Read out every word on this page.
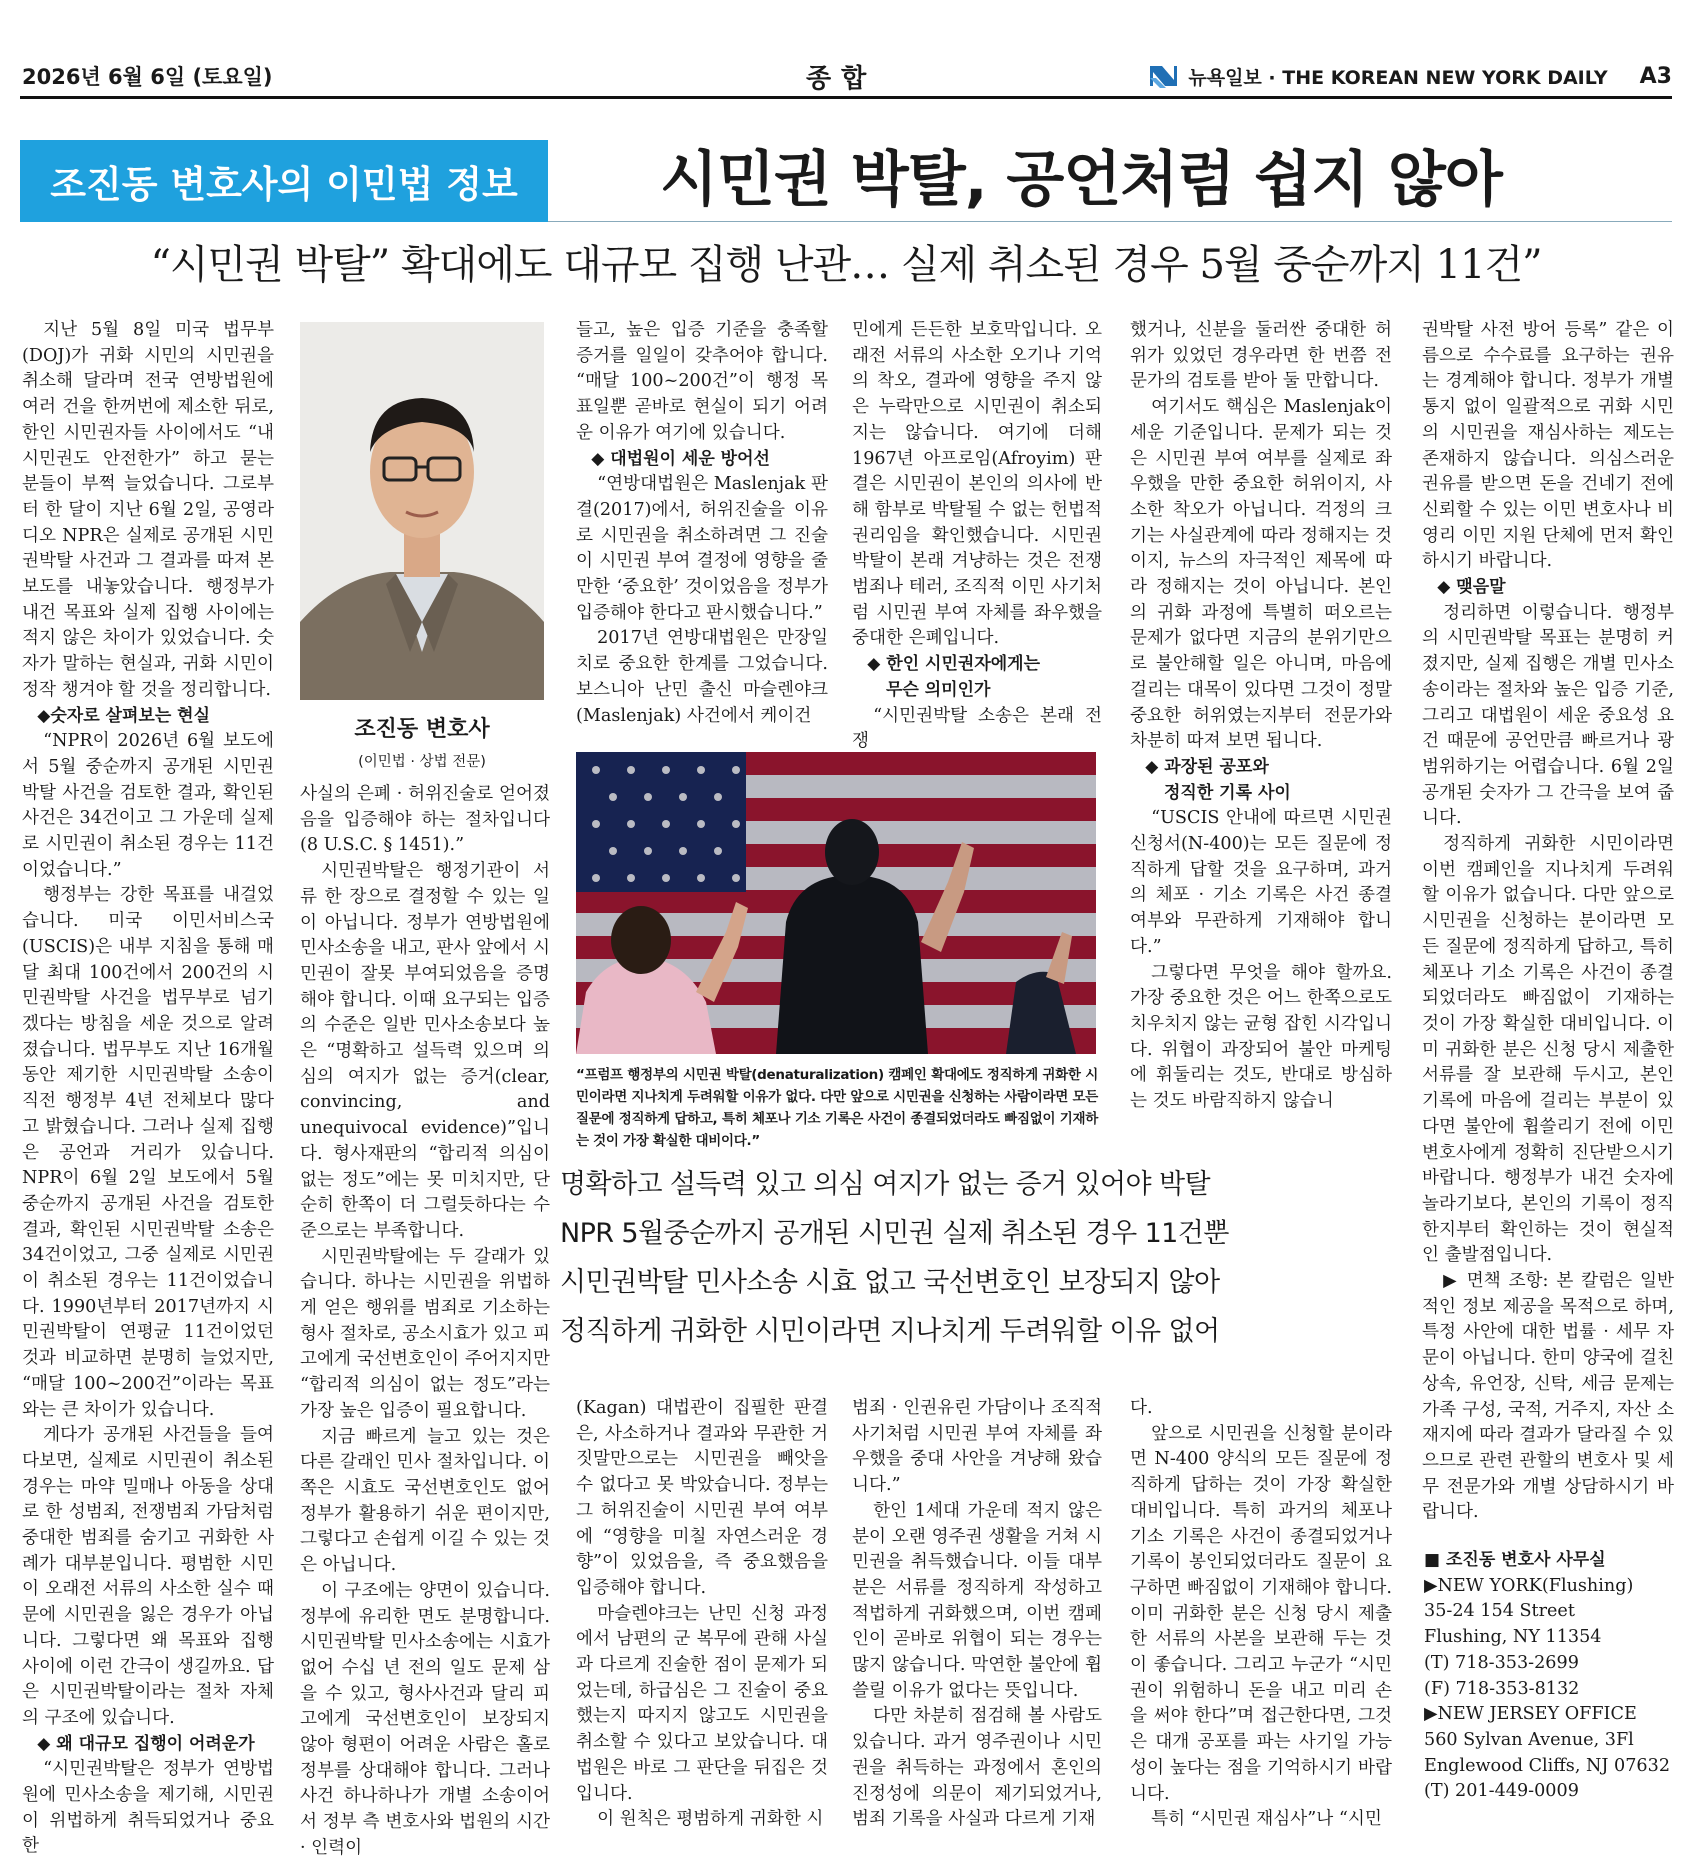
2026년 6월 6일 (토요일)	종합	뉴욕일보 · THE KOREAN NEW YORK DAILY A3
조진동 변호사의 이민법 정보	시민권 박탈, 공언처럼 쉽지 않아
“시민권 박탈” 확대에도 대규모 집행 난관… 실제 취소된 경우 5월 중순까지 11건”

지난 5월 8일 미국 법무부(DOJ)가 귀화 시민의 시민권을 취소해 달라며 전국 연방법원에 여러 건을 한꺼번에 제소한 뒤로, 한인 시민권자들 사이에서도 “내 시민권도 안전한가” 하고 묻는 분들이 부쩍 늘었습니다. 그로부터 한 달이 지난 6월 2일, 공영라디오 NPR은 실제로 공개된 시민권박탈 사건과 그 결과를 따져 본 보도를 내놓았습니다. 행정부가 내건 목표와 실제 집행 사이에는 적지 않은 차이가 있었습니다. 숫자가 말하는 현실과, 귀화 시민이 정작 챙겨야 할 것을 정리합니다.

◆숫자로 살펴보는 현실

“NPR이 2026년 6월 보도에서 5월 중순까지 공개된 시민권박탈 사건을 검토한 결과, 확인된 사건은 34건이고 그 가운데 실제로 시민권이 취소된 경우는 11건이었습니다.”

행정부는 강한 목표를 내걸었습니다. 미국 이민서비스국(USCIS)은 내부 지침을 통해 매달 최대 100건에서 200건의 시민권박탈 사건을 법무부로 넘기겠다는 방침을 세운 것으로 알려졌습니다. 법무부도 지난 16개월 동안 제기한 시민권박탈 소송이 직전 행정부 4년 전체보다 많다고 밝혔습니다. 그러나 실제 집행은 공언과 거리가 있습니다. NPR이 6월 2일 보도에서 5월 중순까지 공개된 사건을 검토한 결과, 확인된 시민권박탈 소송은 34건이었고, 그중 실제로 시민권이 취소된 경우는 11건이었습니다. 1990년부터 2017년까지 시민권박탈이 연평균 11건이었던 것과 비교하면 분명히 늘었지만, “매달 100~200건”이라는 목표와는 큰 차이가 있습니다.

게다가 공개된 사건들을 들여다보면, 실제로 시민권이 취소된 경우는 마약 밀매나 아동을 상대로 한 성범죄, 전쟁범죄 가담처럼 중대한 범죄를 숨기고 귀화한 사례가 대부분입니다. 평범한 시민이 오래전 서류의 사소한 실수 때문에 시민권을 잃은 경우가 아닙니다. 그렇다면 왜 목표와 집행 사이에 이런 간극이 생길까요. 답은 시민권박탈이라는 절차 자체의 구조에 있습니다.

◆ 왜 대규모 집행이 어려운가

“시민권박탈은 정부가 연방법원에 민사소송을 제기해, 시민권이 위법하게 취득되었거나 중요한

조진동 변호사
(이민법 · 상법 전문)

사실의 은폐 · 허위진술로 얻어졌음을 입증해야 하는 절차입니다(8 U.S.C. § 1451).”

시민권박탈은 행정기관이 서류 한 장으로 결정할 수 있는 일이 아닙니다. 정부가 연방법원에 민사소송을 내고, 판사 앞에서 시민권이 잘못 부여되었음을 증명해야 합니다. 이때 요구되는 입증의 수준은 일반 민사소송보다 높은 “명확하고 설득력 있으며 의심의 여지가 없는 증거(clear, convincing, and unequivocal evidence)”입니다. 형사재판의 “합리적 의심이 없는 정도”에는 못 미치지만, 단순히 한쪽이 더 그럴듯하다는 수준으로는 부족합니다.

시민권박탈에는 두 갈래가 있습니다. 하나는 시민권을 위법하게 얻은 행위를 범죄로 기소하는 형사 절차로, 공소시효가 있고 피고에게 국선변호인이 주어지지만 “합리적 의심이 없는 정도”라는 가장 높은 입증이 필요합니다.

지금 빠르게 늘고 있는 것은 다른 갈래인 민사 절차입니다. 이쪽은 시효도 국선변호인도 없어 정부가 활용하기 쉬운 편이지만, 그렇다고 손쉽게 이길 수 있는 것은 아닙니다.

이 구조에는 양면이 있습니다. 정부에 유리한 면도 분명합니다. 시민권박탈 민사소송에는 시효가 없어 수십 년 전의 일도 문제 삼을 수 있고, 형사사건과 달리 피고에게 국선변호인이 보장되지 않아 형편이 어려운 사람은 홀로 정부를 상대해야 합니다. 그러나 사건 하나하나가 개별 소송이어서 정부 측 변호사와 법원의 시간 · 인력이

들고, 높은 입증 기준을 충족할 증거를 일일이 갖추어야 합니다. “매달 100~200건”이 행정 목표일뿐 곧바로 현실이 되기 어려운 이유가 여기에 있습니다.

◆ 대법원이 세운 방어선

“연방대법원은 Maslenjak 판결(2017)에서, 허위진술을 이유로 시민권을 취소하려면 그 진술이 시민권 부여 결정에 영향을 줄 만한 ‘중요한’ 것이었음을 정부가 입증해야 한다고 판시했습니다.”

2017년 연방대법원은 만장일치로 중요한 한계를 그었습니다. 보스니아 난민 출신 마슬렌야크(Maslenjak) 사건에서 케이건

민에게 든든한 보호막입니다. 오래전 서류의 사소한 오기나 기억의 착오, 결과에 영향을 주지 않은 누락만으로 시민권이 취소되지는 않습니다. 여기에 더해 1967년 아프로임(Afroyim) 판결은 시민권이 본인의 의사에 반해 함부로 박탈될 수 없는 헌법적 권리임을 확인했습니다. 시민권박탈이 본래 겨냥하는 것은 전쟁범죄나 테러, 조직적 이민 사기처럼 시민권 부여 자체를 좌우했을 중대한 은폐입니다.

◆ 한인 시민권자에게는
무슨 의미인가

“시민권박탈 소송은 본래 전쟁

“프럼프 행정부의 시민권 박탈(denaturalization) 캠페인 확대에도 정직하게 귀화한 시민이라면 지나치게 두려워할 이유가 없다. 다만 앞으로 시민권을 신청하는 사람이라면 모든 질문에 정직하게 답하고, 특히 체포나 기소 기록은 사건이 종결되었더라도 빠짐없이 기재하는 것이 가장 확실한 대비이다.”
명확하고 설득력 있고 의심 여지가 없는 증거 있어야 박탈
NPR 5월중순까지 공개된 시민권 실제 취소된 경우 11건뿐
시민권박탈 민사소송 시효 없고 국선변호인 보장되지 않아
정직하게 귀화한 시민이라면 지나치게 두려워할 이유 없어

(Kagan) 대법관이 집필한 판결은, 사소하거나 결과와 무관한 거짓말만으로는 시민권을 빼앗을 수 없다고 못 박았습니다. 정부는 그 허위진술이 시민권 부여 여부에 “영향을 미칠 자연스러운 경향”이 있었음을, 즉 중요했음을 입증해야 합니다.

마슬렌야크는 난민 신청 과정에서 남편의 군 복무에 관해 사실과 다르게 진술한 점이 문제가 되었는데, 하급심은 그 진술이 중요했는지 따지지 않고도 시민권을 취소할 수 있다고 보았습니다. 대법원은 바로 그 판단을 뒤집은 것입니다.

이 원칙은 평범하게 귀화한 시

범죄 · 인권유린 가담이나 조직적 사기처럼 시민권 부여 자체를 좌우했을 중대 사안을 겨냥해 왔습니다.”

한인 1세대 가운데 적지 않은 분이 오랜 영주권 생활을 거쳐 시민권을 취득했습니다. 이들 대부분은 서류를 정직하게 작성하고 적법하게 귀화했으며, 이번 캠페인이 곧바로 위협이 되는 경우는 많지 않습니다. 막연한 불안에 휩쓸릴 이유가 없다는 뜻입니다.

다만 차분히 점검해 볼 사람도 있습니다. 과거 영주권이나 시민권을 취득하는 과정에서 혼인의 진정성에 의문이 제기되었거나, 범죄 기록을 사실과 다르게 기재

했거나, 신분을 둘러싼 중대한 허위가 있었던 경우라면 한 번쯤 전문가의 검토를 받아 둘 만합니다.

여기서도 핵심은 Maslenjak이 세운 기준입니다. 문제가 되는 것은 시민권 부여 여부를 실제로 좌우했을 만한 중요한 허위이지, 사소한 착오가 아닙니다. 걱정의 크기는 사실관계에 따라 정해지는 것이지, 뉴스의 자극적인 제목에 따라 정해지는 것이 아닙니다. 본인의 귀화 과정에 특별히 떠오르는 문제가 없다면 지금의 분위기만으로 불안해할 일은 아니며, 마음에 걸리는 대목이 있다면 그것이 정말 중요한 허위였는지부터 전문가와 차분히 따져 보면 됩니다.

◆ 과장된 공포와
정직한 기록 사이

“USCIS 안내에 따르면 시민권 신청서(N-400)는 모든 질문에 정직하게 답할 것을 요구하며, 과거의 체포 · 기소 기록은 사건 종결 여부와 무관하게 기재해야 합니다.”

그렇다면 무엇을 해야 할까요. 가장 중요한 것은 어느 한쪽으로도 치우치지 않는 균형 잡힌 시각입니다. 위협이 과장되어 불안 마케팅에 휘둘리는 것도, 반대로 방심하는 것도 바람직하지 않습니

다.

앞으로 시민권을 신청할 분이라면 N-400 양식의 모든 질문에 정직하게 답하는 것이 가장 확실한 대비입니다. 특히 과거의 체포나 기소 기록은 사건이 종결되었거나 기록이 봉인되었더라도 질문이 요구하면 빠짐없이 기재해야 합니다. 이미 귀화한 분은 신청 당시 제출한 서류의 사본을 보관해 두는 것이 좋습니다. 그리고 누군가 “시민권이 위험하니 돈을 내고 미리 손을 써야 한다”며 접근한다면, 그것은 대개 공포를 파는 사기일 가능성이 높다는 점을 기억하시기 바랍니다.

특히 “시민권 재심사”나 “시민

권박탈 사전 방어 등록” 같은 이름으로 수수료를 요구하는 권유는 경계해야 합니다. 정부가 개별 통지 없이 일괄적으로 귀화 시민의 시민권을 재심사하는 제도는 존재하지 않습니다. 의심스러운 권유를 받으면 돈을 건네기 전에 신뢰할 수 있는 이민 변호사나 비영리 이민 지원 단체에 먼저 확인하시기 바랍니다.

◆ 맺음말

정리하면 이렇습니다. 행정부의 시민권박탈 목표는 분명히 커졌지만, 실제 집행은 개별 민사소송이라는 절차와 높은 입증 기준, 그리고 대법원이 세운 중요성 요건 때문에 공언만큼 빠르거나 광범위하기는 어렵습니다. 6월 2일 공개된 숫자가 그 간극을 보여 줍니다.

정직하게 귀화한 시민이라면 이번 캠페인을 지나치게 두려워할 이유가 없습니다. 다만 앞으로 시민권을 신청하는 분이라면 모든 질문에 정직하게 답하고, 특히 체포나 기소 기록은 사건이 종결되었더라도 빠짐없이 기재하는 것이 가장 확실한 대비입니다. 이미 귀화한 분은 신청 당시 제출한 서류를 잘 보관해 두시고, 본인 기록에 마음에 걸리는 부분이 있다면 불안에 휩쓸리기 전에 이민 변호사에게 정확히 진단받으시기 바랍니다. 행정부가 내건 숫자에 놀라기보다, 본인의 기록이 정직한지부터 확인하는 것이 현실적인 출발점입니다.

▶ 면책 조항: 본 칼럼은 일반적인 정보 제공을 목적으로 하며, 특정 사안에 대한 법률 · 세무 자문이 아닙니다. 한미 양국에 걸친 상속, 유언장, 신탁, 세금 문제는 가족 구성, 국적, 거주지, 자산 소재지에 따라 결과가 달라질 수 있으므로 관련 관할의 변호사 및 세무 전문가와 개별 상담하시기 바랍니다.

■ 조진동 변호사 사무실
▶NEW YORK(Flushing)
35-24 154 Street
Flushing, NY 11354
(T) 718-353-2699
(F) 718-353-8132
▶NEW JERSEY OFFICE
560 Sylvan Avenue, 3Fl
Englewood Cliffs, NJ 07632
(T) 201-449-0009
